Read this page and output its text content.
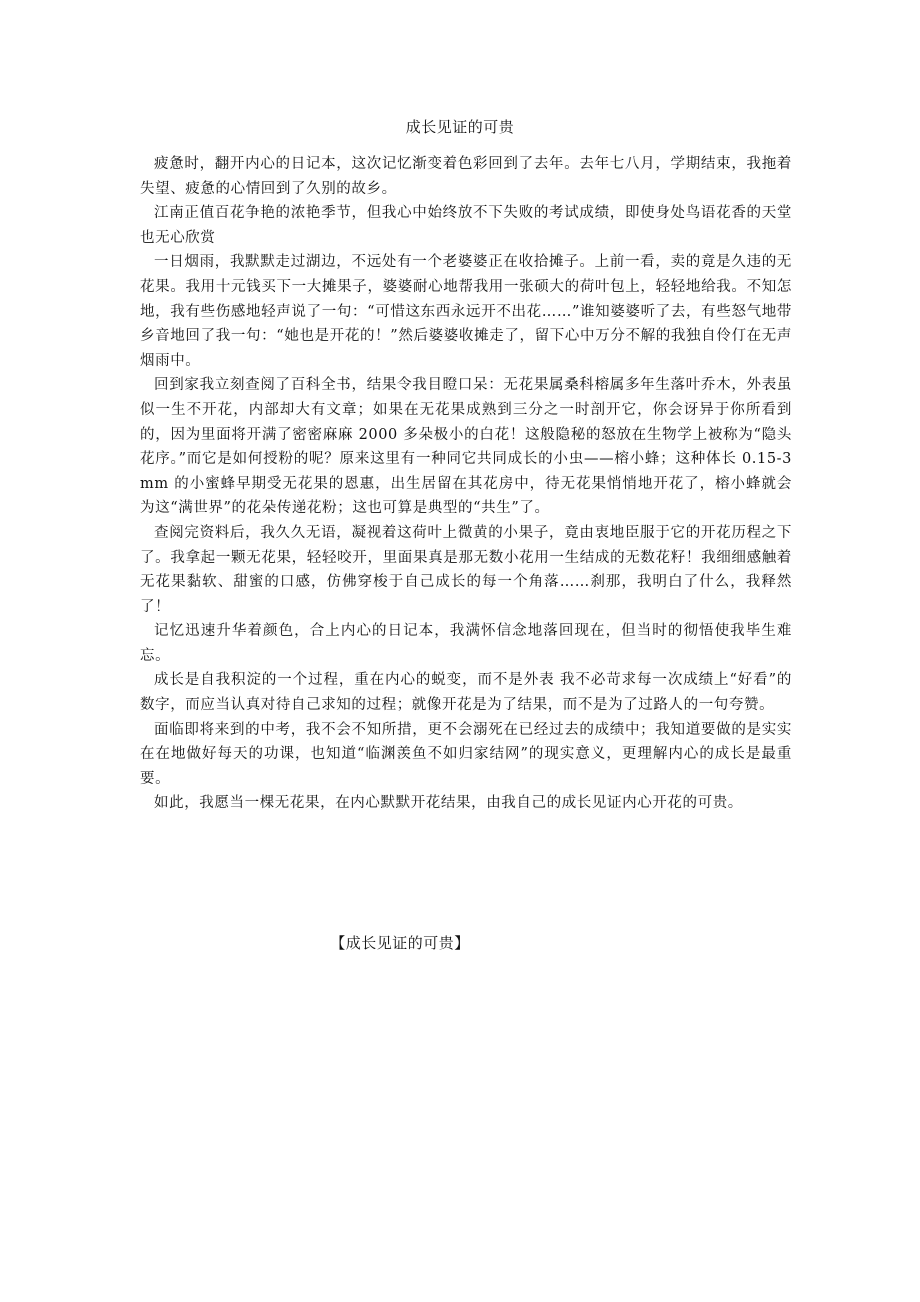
成长见证的可贵

疲惫时，翻开内心的日记本，这次记忆渐变着色彩回到了去年。去年七八月，学期结束，我拖着失望、疲惫的心情回到了久别的故乡。

江南正值百花争艳的浓艳季节，但我心中始终放不下失败的考试成绩，即使身处鸟语花香的天堂也无心欣赏

一日烟雨，我默默走过湖边，不远处有一个老婆婆正在收拾摊子。上前一看，卖的竟是久违的无花果。我用十元钱买下一大摊果子，婆婆耐心地帮我用一张硕大的荷叶包上，轻轻地给我。不知怎地，我有些伤感地轻声说了一句：“可惜这东西永远开不出花……”谁知婆婆听了去，有些怒气地带乡音地回了我一句：“她也是开花的！”然后婆婆收摊走了，留下心中万分不解的我独自伶仃在无声烟雨中。

回到家我立刻查阅了百科全书，结果令我目瞪口呆：无花果属桑科榕属多年生落叶乔木，外表虽似一生不开花，内部却大有文章；如果在无花果成熟到三分之一时剖开它，你会讶异于你所看到的，因为里面将开满了密密麻麻 2000 多朵极小的白花！这般隐秘的怒放在生物学上被称为“隐头花序。”而它是如何授粉的呢？原来这里有一种同它共同成长的小虫——榕小蜂；这种体长 0.15-3mm 的小蜜蜂早期受无花果的恩惠，出生居留在其花房中，待无花果悄悄地开花了，榕小蜂就会为这“满世界”的花朵传递花粉；这也可算是典型的“共生”了。

查阅完资料后，我久久无语，凝视着这荷叶上微黄的小果子，竟由衷地臣服于它的开花历程之下了。我拿起一颗无花果，轻轻咬开，里面果真是那无数小花用一生结成的无数花籽！我细细感触着无花果黏软、甜蜜的口感，仿佛穿梭于自己成长的每一个角落……刹那，我明白了什么，我释然了！

记忆迅速升华着颜色，合上内心的日记本，我满怀信念地落回现在，但当时的彻悟使我毕生难忘。

成长是自我积淀的一个过程，重在内心的蜕变，而不是外表 我不必苛求每一次成绩上“好看”的数字，而应当认真对待自己求知的过程；就像开花是为了结果，而不是为了过路人的一句夸赞。

面临即将来到的中考，我不会不知所措，更不会溺死在已经过去的成绩中；我知道要做的是实实在在地做好每天的功课，也知道“临渊羡鱼不如归家结网”的现实意义，更理解内心的成长是最重要。

如此，我愿当一棵无花果，在内心默默开花结果，由我自己的成长见证内心开花的可贵。

【成长见证的可贵】
